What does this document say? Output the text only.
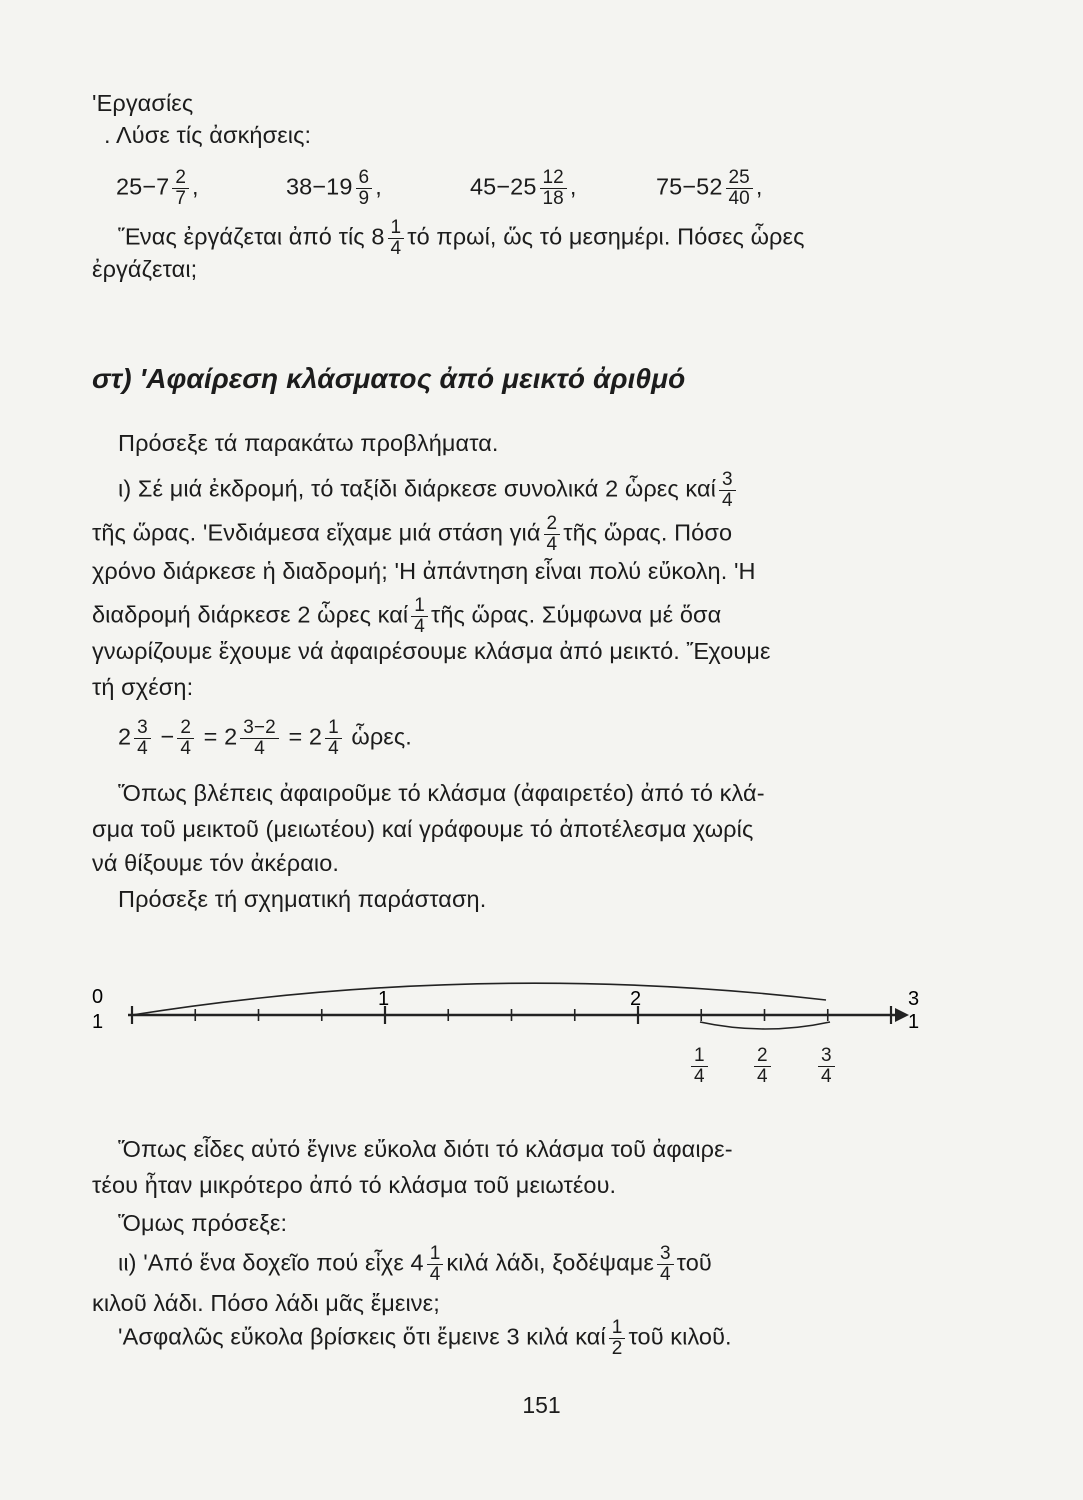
'Εργασίες
. Λύσε τίς ἀσκήσεις:
$25-7 \frac{2}{7}$ ,	$38-19 \frac{6}{9}$ ,	$45-25 \frac{12}{18}$ ,	$75-52 \frac{25}{40}$ ,
Ἕνας ἐργάζεται ἀπό τίς $8 \frac{1}{4}$ τό πρωί, ὥς τό μεσημέρι. Πόσες ὧρες
ἐργάζεται;
στ) 'Αφαίρεση κλάσματος ἀπό μεικτό ἀριθμό
Πρόσεξε τά παρακάτω προβλήματα.
ι) Σέ μιά ἐκδρομή, τό ταξίδι διάρκεσε συνολικά 2 ὧρες καί $\frac{3}{4}$
τῆς ὥρας. 'Ενδιάμεσα εἴχαμε μιά στάση γιά $\frac{2}{4}$ τῆς ὥρας. Πόσο
χρόνο διάρκεσε ἡ διαδρομή; 'Η ἀπάντηση εἶναι πολύ εὔκολη. 'Η
διαδρομή διάρκεσε 2 ὧρες καί $\frac{1}{4}$ τῆς ὥρας. Σύμφωνα μέ ὅσα
γνωρίζουμε ἔχουμε νά ἀφαιρέσουμε κλάσμα ἀπό μεικτό. Ἔχουμε
τή σχέση:
$2 \frac{3}{4} - \frac{2}{4} = 2 \frac{3-2}{4} = 2 \frac{1}{4}$ ὧρες.
Ὅπως βλέπεις ἀφαιροῦμε τό κλάσμα (ἀφαιρετέο) ἀπό τό κλά-
σμα τοῦ μεικτοῦ (μειωτέου) καί γράφουμε τό ἀποτέλεσμα χωρίς
νά θίξουμε τόν ἀκέραιο.
Πρόσεξε τή σχηματική παράσταση.
0
1
1	2	3
1
$\frac{1}{4} \frac{2}{4} \frac{3}{4}$
Ὅπως εἶδες αὐτό ἔγινε εὔκολα διότι τό κλάσμα τοῦ ἀφαιρε-
τέου ἦταν μικρότερο ἀπό τό κλάσμα τοῦ μειωτέου.
Ὅμως πρόσεξε:
ιι) 'Από ἕνα δοχεῖο πού εἶχε $4 \frac{1}{4}$ κιλά λάδι, ξοδέψαμε $\frac{3}{4}$ τοῦ
κιλοῦ λάδι. Πόσο λάδι μᾶς ἔμεινε;
'Ασφαλῶς εὔκολα βρίσκεις ὅτι ἔμεινε 3 κιλά καί $\frac{1}{2}$ τοῦ κιλοῦ.
151
